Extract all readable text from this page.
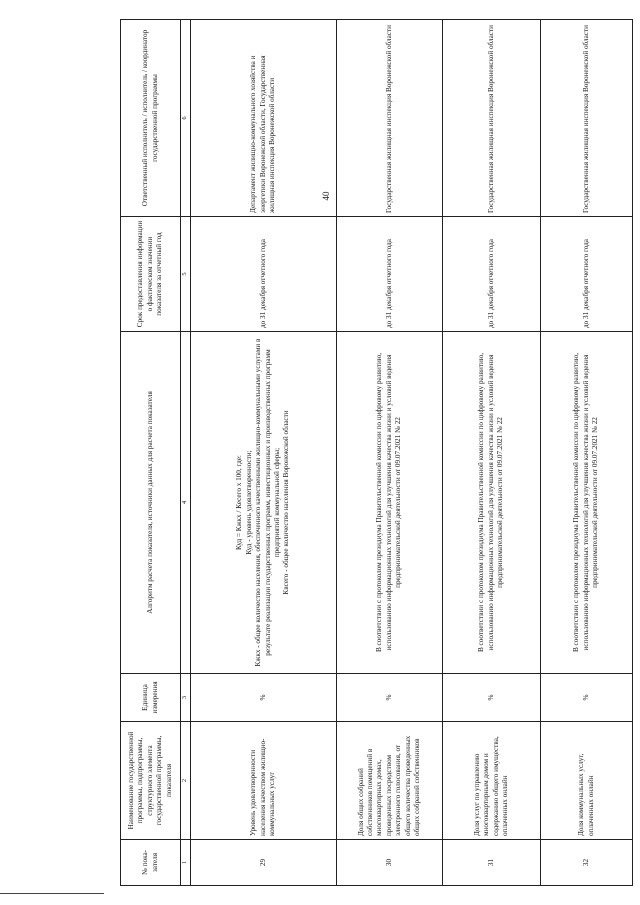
40
№ пока-
зателя	Наименование государственной программы, подпрограммы, структурного элемента государственной программы, показателя	Единица измерения	Алгоритм расчета показателя, источники данных для расчета показателя	Срок предоставления информации о фактическом значении показателя за отчетный год	Ответственный исполнитель / исполнитель / координатор государственной программы
1	2	3	4	5	6
29	Уровень удовлетворенности населения качеством жилищно-коммунальных услуг	%	Куд = Кжкх / Кесего х 100, где: Куд - уровень удовлетворенности; Кжкх - общее количество населения, обеспеченного качественными жилищно-коммунальными услугами в результате реализации государственных программ, инвестиционных и производственных программ предприятий коммунальной сферы; Квсего - общее количество населения Воронежской области	до 31 декабря отчетного года	Департамент жилищно-коммунального хозяйства и энергетики Воронежской области, Государственная жилищная инспекция Воронежской области
30	Доля общих собраний собственников помещений в многоквартирных домах, проведенных посредством электронного голосования, от общего количества проведенных общих собраний собственников	%	В соответствии с протоколом президиума Правительственной комиссии по цифровому развитию, использованию информационных технологий для улучшения качества жизни и условий ведения предпринимательской деятельности от 09.07.2021 № 22	до 31 декабря отчетного года	Государственная жилищная инспекция Воронежской области
31	Доля услуг по управлению многоквартирным домом и содержанию общего имущества, оплаченных онлайн	%	В соответствии с протоколом президиума Правительственной комиссии по цифровому развитию, использованию информационных технологий для улучшения качества жизни и условий ведения предпринимательской деятельности от 09.07.2021 № 22	до 31 декабря отчетного года	Государственная жилищная инспекция Воронежской области
32	Доля коммунальных услуг, оплаченных онлайн	%	В соответствии с протоколом президиума Правительственной комиссии по цифровому развитию, использованию информационных технологий для улучшения качества жизни и условий ведения предпринимательской деятельности от 09.07.2021 № 22	до 31 декабря отчетного года	Государственная жилищная инспекция Воронежской области
